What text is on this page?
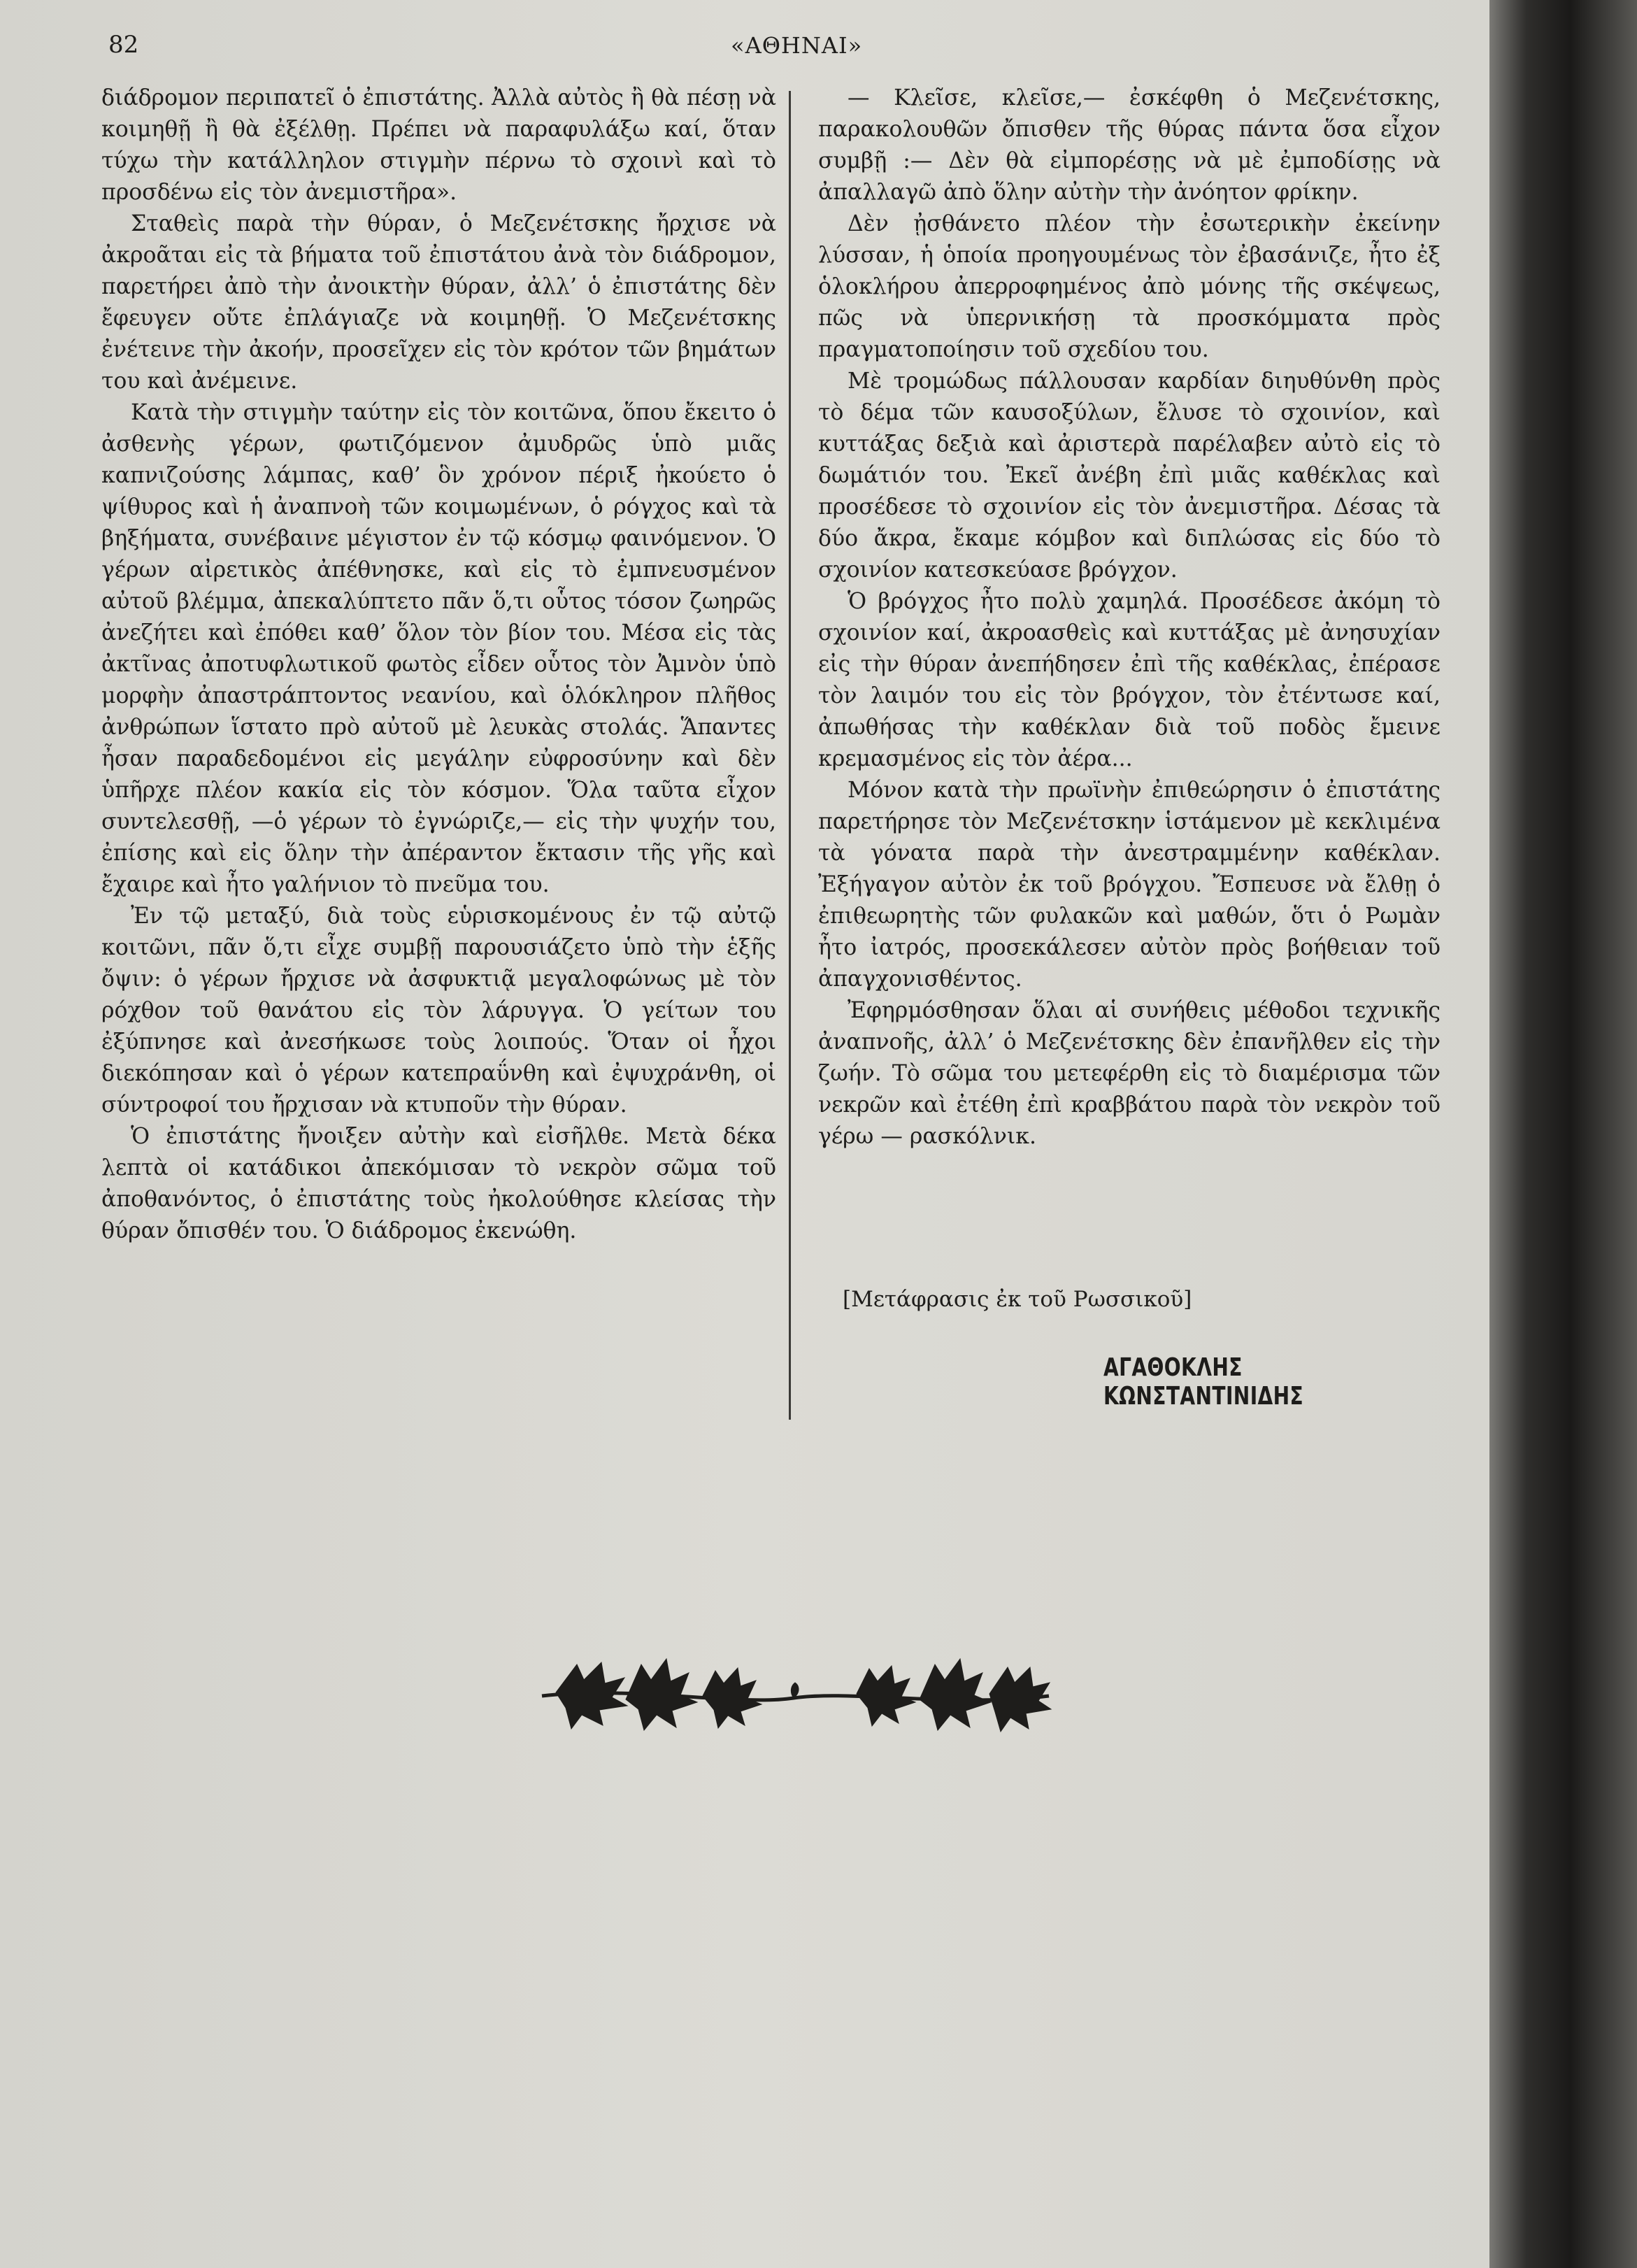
82	«ΑΘΗΝΑΙ»

διάδρομον περιπατεῖ ὁ ἐπιστάτης. Ἀλλὰ αὐτὸς ἢ θὰ πέσῃ νὰ κοιμηθῇ ἢ θὰ ἐξέλθῃ. Πρέπει νὰ παραφυλάξω καί, ὅταν τύχω τὴν κατάλληλον στιγμὴν πέρνω τὸ σχοινὶ καὶ τὸ προσδένω εἰς τὸν ἀνεμιστῆρα».

Σταθεὶς παρὰ τὴν θύραν, ὁ Μεζενέτσκης ἤρχισε νὰ ἀκροᾶται εἰς τὰ βήματα τοῦ ἐπιστάτου ἀνὰ τὸν διάδρομον, παρετήρει ἀπὸ τὴν ἀνοικτὴν θύραν, ἀλλ’ ὁ ἐπιστάτης δὲν ἔφευγεν οὔτε ἐπλάγιαζε νὰ κοιμηθῇ. Ὁ Μεζενέτσκης ἐνέτεινε τὴν ἀκοήν, προσεῖχεν εἰς τὸν κρότον τῶν βημάτων του καὶ ἀνέμεινε.

Κατὰ τὴν στιγμὴν ταύτην εἰς τὸν κοιτῶνα, ὅπου ἔκειτο ὁ ἀσθενὴς γέρων, φωτιζόμενον ἀμυδρῶς ὑπὸ μιᾶς καπνιζούσης λάμπας, καθ’ ὃν χρόνον πέριξ ἠκούετο ὁ ψίθυρος καὶ ἡ ἀναπνοὴ τῶν κοιμωμένων, ὁ ρόγχος καὶ τὰ βηξήματα, συνέβαινε μέγιστον ἐν τῷ κόσμῳ φαινόμενον. Ὁ γέρων αἰρετικὸς ἀπέθνησκε, καὶ εἰς τὸ ἐμπνευσμένον αὐτοῦ βλέμμα, ἀπεκαλύπτετο πᾶν ὅ,τι οὗτος τόσον ζωηρῶς ἀνεζήτει καὶ ἐπόθει καθ’ ὅλον τὸν βίον του. Μέσα εἰς τὰς ἀκτῖνας ἀποτυφλωτικοῦ φωτὸς εἶδεν οὗτος τὸν Ἀμνὸν ὑπὸ μορφὴν ἀπαστράπτοντος νεανίου, καὶ ὁλόκληρον πλῆθος ἀνθρώπων ἵστατο πρὸ αὐτοῦ μὲ λευκὰς στολάς. Ἅπαντες ἦσαν παραδεδομένοι εἰς μεγάλην εὐφροσύνην καὶ δὲν ὑπῆρχε πλέον κακία εἰς τὸν κόσμον. Ὅλα ταῦτα εἶχον συντελεσθῇ, —ὁ γέρων τὸ ἐγνώριζε,— εἰς τὴν ψυχήν του, ἐπίσης καὶ εἰς ὅλην τὴν ἀπέραντον ἔκτασιν τῆς γῆς καὶ ἔχαιρε καὶ ἦτο γαλήνιον τὸ πνεῦμα του.

Ἐν τῷ μεταξύ, διὰ τοὺς εὑρισκομένους ἐν τῷ αὐτῷ κοιτῶνι, πᾶν ὅ,τι εἶχε συμβῇ παρουσιάζετο ὑπὸ τὴν ἑξῆς ὄψιν: ὁ γέρων ἤρχισε νὰ ἀσφυκτιᾷ μεγαλοφώνως μὲ τὸν ρόχθον τοῦ θανάτου εἰς τὸν λάρυγγα. Ὁ γείτων του ἐξύπνησε καὶ ἀνεσήκωσε τοὺς λοιπούς. Ὅταν οἱ ἦχοι διεκόπησαν καὶ ὁ γέρων κατεπραΰνθη καὶ ἐψυχράνθη, οἱ σύντροφοί του ἤρχισαν νὰ κτυποῦν τὴν θύραν.

Ὁ ἐπιστάτης ἤνοιξεν αὐτὴν καὶ εἰσῆλθε. Μετὰ δέκα λεπτὰ οἱ κατάδικοι ἀπεκόμισαν τὸ νεκρὸν σῶμα τοῦ ἀποθανόντος, ὁ ἐπιστάτης τοὺς ἠκολούθησε κλείσας τὴν θύραν ὄπισθέν του. Ὁ διάδρομος ἐκενώθη.

— Κλεῖσε, κλεῖσε,— ἐσκέφθη ὁ Μεζενέτσκης, παρακολουθῶν ὄπισθεν τῆς θύρας πάντα ὅσα εἶχον συμβῇ :— Δὲν θὰ εἰμπορέσῃς νὰ μὲ ἐμποδίσῃς νὰ ἀπαλλαγῶ ἀπὸ ὅλην αὐτὴν τὴν ἀνόητον φρίκην.

Δὲν ᾐσθάνετο πλέον τὴν ἐσωτερικὴν ἐκείνην λύσσαν, ἡ ὁποία προηγουμένως τὸν ἐβασάνιζε, ἦτο ἐξ ὁλοκλήρου ἀπερροφημένος ἀπὸ μόνης τῆς σκέψεως, πῶς νὰ ὑπερνικήσῃ τὰ προσκόμματα πρὸς πραγματοποίησιν τοῦ σχεδίου του.

Μὲ τρομώδως πάλλουσαν καρδίαν διηυθύνθη πρὸς τὸ δέμα τῶν καυσοξύλων, ἔλυσε τὸ σχοινίον, καὶ κυττάξας δεξιὰ καὶ ἀριστερὰ παρέλαβεν αὐτὸ εἰς τὸ δωμάτιόν του. Ἐκεῖ ἀνέβη ἐπὶ μιᾶς καθέκλας καὶ προσέδεσε τὸ σχοινίον εἰς τὸν ἀνεμιστῆρα. Δέσας τὰ δύο ἄκρα, ἔκαμε κόμβον καὶ διπλώσας εἰς δύο τὸ σχοινίον κατεσκεύασε βρόγχον.

Ὁ βρόγχος ἦτο πολὺ χαμηλά. Προσέδεσε ἀκόμη τὸ σχοινίον καί, ἀκροασθεὶς καὶ κυττάξας μὲ ἀνησυχίαν εἰς τὴν θύραν ἀνεπήδησεν ἐπὶ τῆς καθέκλας, ἐπέρασε τὸν λαιμόν του εἰς τὸν βρόγχον, τὸν ἐτέντωσε καί, ἀπωθήσας τὴν καθέκλαν διὰ τοῦ ποδὸς ἔμεινε κρεμασμένος εἰς τὸν ἀέρα...

Μόνον κατὰ τὴν πρωϊνὴν ἐπιθεώρησιν ὁ ἐπιστάτης παρετήρησε τὸν Μεζενέτσκην ἱστάμενον μὲ κεκλιμένα τὰ γόνατα παρὰ τὴν ἀνεστραμμένην καθέκλαν. Ἐξήγαγον αὐτὸν ἐκ τοῦ βρόγχου. Ἔσπευσε νὰ ἔλθῃ ὁ ἐπιθεωρητὴς τῶν φυλακῶν καὶ μαθών, ὅτι ὁ Ρωμὰν ἦτο ἰατρός, προσεκάλεσεν αὐτὸν πρὸς βοήθειαν τοῦ ἀπαγχονισθέντος.

Ἐφηρμόσθησαν ὅλαι αἱ συνήθεις μέθοδοι τεχνικῆς ἀναπνοῆς, ἀλλ’ ὁ Μεζενέτσκης δὲν ἐπανῆλθεν εἰς τὴν ζωήν. Τὸ σῶμα του μετεφέρθη εἰς τὸ διαμέρισμα τῶν νεκρῶν καὶ ἐτέθη ἐπὶ κραββάτου παρὰ τὸν νεκρὸν τοῦ γέρω — ρασκόλνικ.

[Μετάφρασις ἐκ τοῦ Ρωσσικοῦ]
ΑΓΑΘΟΚΛΗΣ ΚΩΝΣΤΑΝΤΙΝΙΔΗΣ
